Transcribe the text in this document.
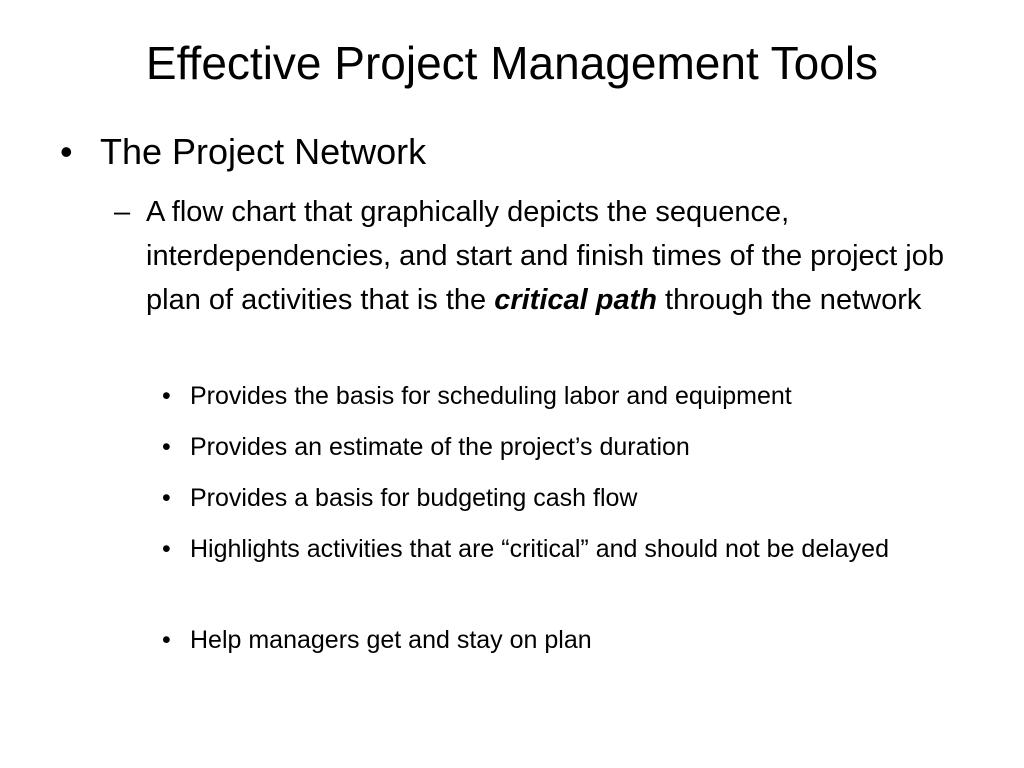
Effective Project Management Tools
• The Project Network
– A flow chart that graphically depicts the sequence, interdependencies, and start and finish times of the project job plan of activities that is the critical path through the network
• Provides the basis for scheduling labor and equipment
• Provides an estimate of the project’s duration
• Provides a basis for budgeting cash flow
• Highlights activities that are “critical” and should not be delayed
• Help managers get and stay on plan
